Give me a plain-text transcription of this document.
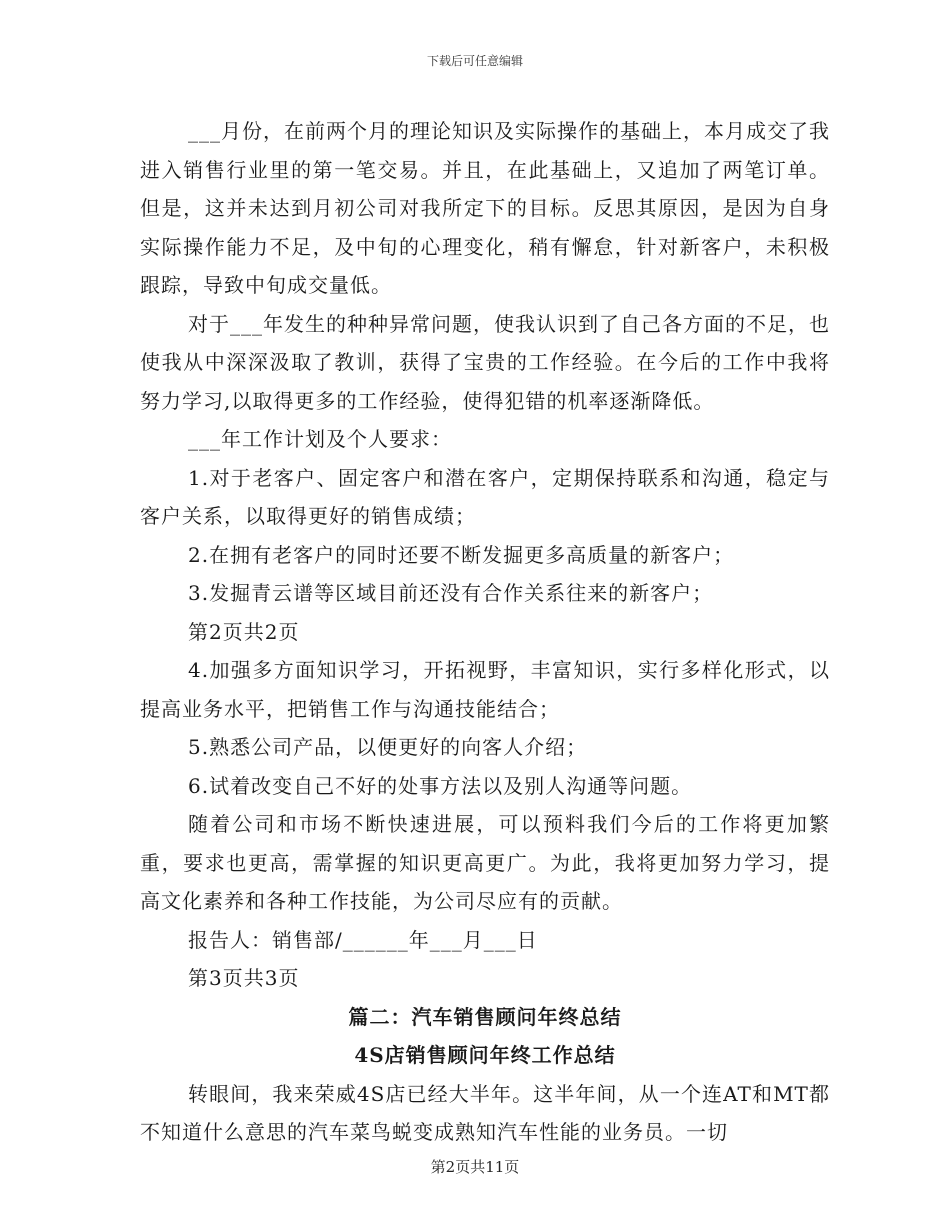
下载后可任意编辑

___月份，在前两个月的理论知识及实际操作的基础上，本月成交了我进入销售行业里的第一笔交易。并且，在此基础上，又追加了两笔订单。但是，这并未达到月初公司对我所定下的目标。反思其原因，是因为自身实际操作能力不足，及中旬的心理变化，稍有懈怠，针对新客户，未积极跟踪，导致中旬成交量低。

对于___年发生的种种异常问题，使我认识到了自己各方面的不足，也使我从中深深汲取了教训，获得了宝贵的工作经验。在今后的工作中我将努力学习,以取得更多的工作经验，使得犯错的机率逐渐降低。

___年工作计划及个人要求：

1.对于老客户、固定客户和潜在客户，定期保持联系和沟通，稳定与客户关系，以取得更好的销售成绩；

2.在拥有老客户的同时还要不断发掘更多高质量的新客户；

3.发掘青云谱等区域目前还没有合作关系往来的新客户；

第2页共2页

4.加强多方面知识学习，开拓视野，丰富知识，实行多样化形式，以提高业务水平，把销售工作与沟通技能结合；

5.熟悉公司产品，以便更好的向客人介绍；

6.试着改变自己不好的处事方法以及别人沟通等问题。

随着公司和市场不断快速进展，可以预料我们今后的工作将更加繁重，要求也更高，需掌握的知识更高更广。为此，我将更加努力学习，提高文化素养和各种工作技能，为公司尽应有的贡献。

报告人：销售部/______年___月___日

第3页共3页

篇二：汽车销售顾问年终总结

4S店销售顾问年终工作总结

转眼间，我来荣威4S店已经大半年。这半年间，从一个连AT和MT都不知道什么意思的汽车菜鸟蜕变成熟知汽车性能的业务员。一切

第2页共11页
